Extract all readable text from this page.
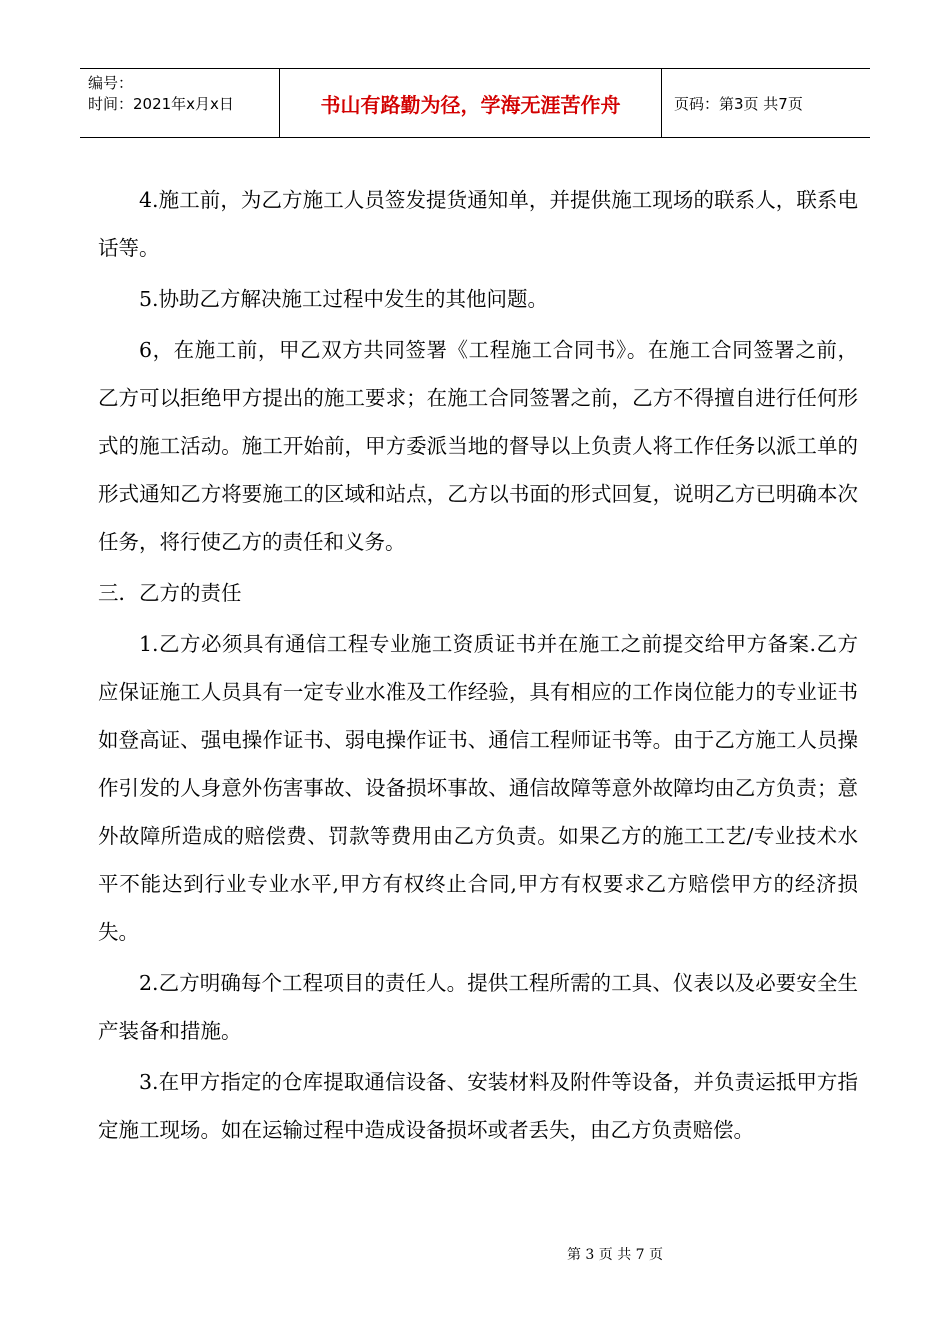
编号：
时间：2021年x月x日	书山有路勤为径，学海无涯苦作舟	页码：第3页 共7页

4.施工前，为乙方施工人员签发提货通知单，并提供施工现场的联系人，联系电话等。

5.协助乙方解决施工过程中发生的其他问题。

6，在施工前，甲乙双方共同签署《工程施工合同书》。在施工合同签署之前，乙方可以拒绝甲方提出的施工要求；在施工合同签署之前，乙方不得擅自进行任何形式的施工活动。施工开始前，甲方委派当地的督导以上负责人将工作任务以派工单的形式通知乙方将要施工的区域和站点，乙方以书面的形式回复，说明乙方已明确本次任务，将行使乙方的责任和义务。

三．乙方的责任

1.乙方必须具有通信工程专业施工资质证书并在施工之前提交给甲方备案.乙方应保证施工人员具有一定专业水准及工作经验，具有相应的工作岗位能力的专业证书如登高证、强电操作证书、弱电操作证书、通信工程师证书等。由于乙方施工人员操作引发的人身意外伤害事故、设备损坏事故、通信故障等意外故障均由乙方负责；意外故障所造成的赔偿费、罚款等费用由乙方负责。如果乙方的施工工艺/专业技术水平不能达到行业专业水平,甲方有权终止合同,甲方有权要求乙方赔偿甲方的经济损失。

2.乙方明确每个工程项目的责任人。提供工程所需的工具、仪表以及必要安全生产装备和措施。

3.在甲方指定的仓库提取通信设备、安装材料及附件等设备，并负责运抵甲方指定施工现场。如在运输过程中造成设备损坏或者丢失，由乙方负责赔偿。

第 3 页 共 7 页
